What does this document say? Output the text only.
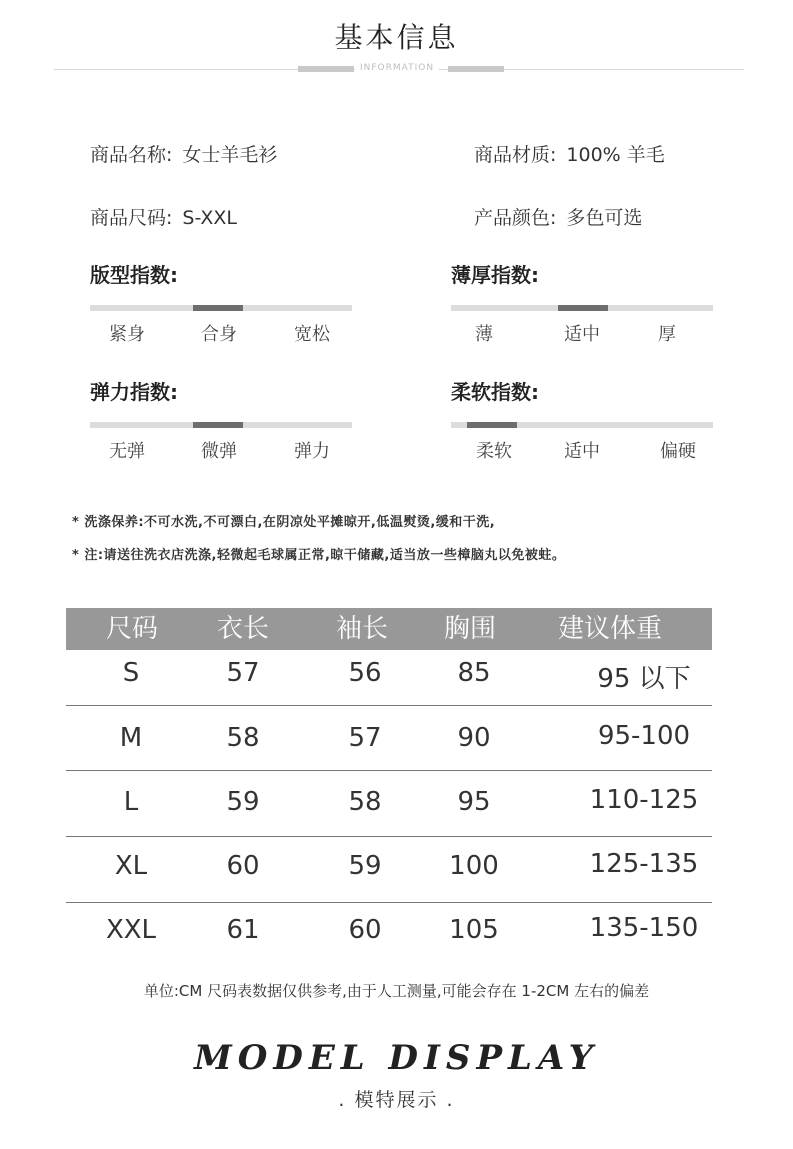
基本信息
INFORMATION
商品名称: 女士羊毛衫	商品材质: 100% 羊毛
商品尺码: S-XXL	产品颜色: 多色可选
版型指数:
紧身	合身	宽松
薄厚指数:
薄	适中	厚
弹力指数:
无弹	微弹	弹力
柔软指数:
柔软	适中	偏硬
* 洗涤保养:不可水洗,不可漂白,在阴凉处平摊晾开,低温熨烫,缓和干洗,
* 注:请送往洗衣店洗涤,轻微起毛球属正常,晾干储藏,适当放一些樟脑丸以免被蛀。
尺码	衣长	袖长	胸围	建议体重
S	57	56	85	95 以下
M	58	57	90	95-100
L	59	58	95	110-125
XL	60	59	100	125-135
XXL	61	60	105	135-150
单位:CM 尺码表数据仅供参考,由于人工测量,可能会存在 1-2CM 左右的偏差
MODEL DISPLAY
. 模特展示 .
